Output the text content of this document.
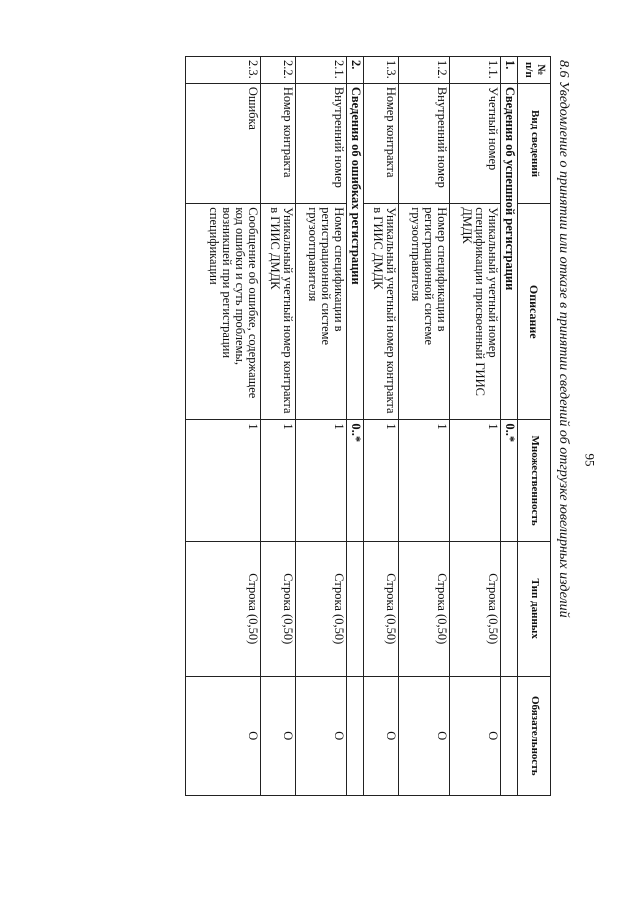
95
8.6 Уведомление о принятии или отказе в принятии сведений об отгрузке ювелирных изделий
№ п/п	Вид сведений	Описание	Множественность	Тип данных	Обязательность
1.	Сведения об успешной регистрации		0..*		
1.1.	Учетный номер	Уникальный учетный номер спецификации присвоенный ГИИС ДМДК	1	Строка (0,50)	О
1.2.	Внутренний номер	Номер спецификации в регистрационной системе грузоотправителя	1	Строка (0,50)	О
1.3.	Номер контракта	Уникальный учетный номер контракта в ГИИС ДМДК	1	Строка (0,50)	О
2.	Сведения об ошибках регистрации		0..*		
2.1.	Внутренний номер	Номер спецификации в регистрационной системе грузоотправителя	1	Строка (0,50)	О
2.2.	Номер контракта	Уникальный учетный номер контракта в ГИИС ДМДК	1	Строка (0,50)	О
2.3.	Ошибка	Сообщение об ошибке, содержащее код ошибки и суть проблемы, возникшей при регистрации спецификации	1	Строка (0,50)	О
